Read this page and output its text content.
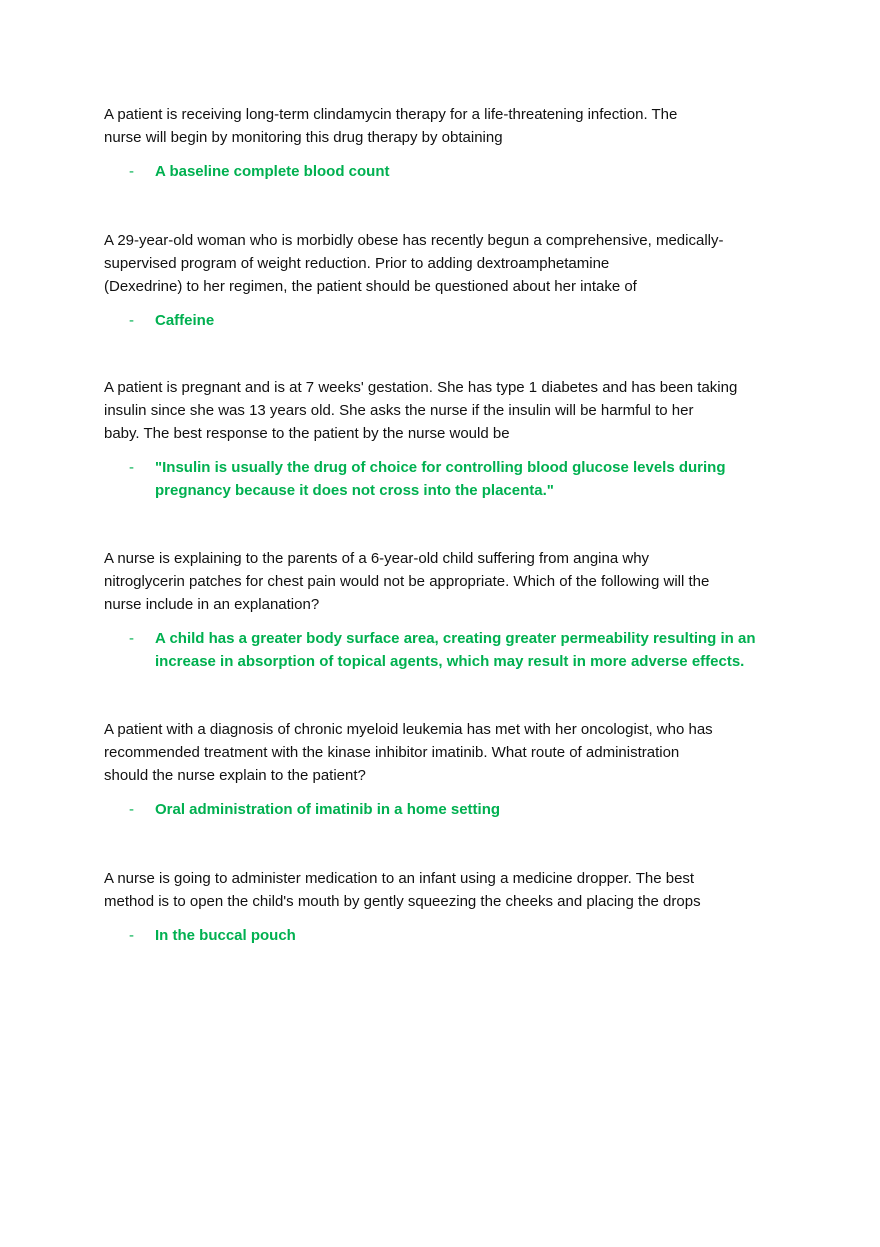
A patient is receiving long-term clindamycin therapy for a life-threatening infection. The
nurse will begin by monitoring this drug therapy by obtaining

- A baseline complete blood count

A 29-year-old woman who is morbidly obese has recently begun a comprehensive, medically-
supervised program of weight reduction. Prior to adding dextroamphetamine
(Dexedrine) to her regimen, the patient should be questioned about her intake of

- Caffeine

A patient is pregnant and is at 7 weeks' gestation. She has type 1 diabetes and has been taking
insulin since she was 13 years old. She asks the nurse if the insulin will be harmful to her
baby. The best response to the patient by the nurse would be

- "Insulin is usually the drug of choice for controlling blood glucose levels during pregnancy because it does not cross into the placenta."

A nurse is explaining to the parents of a 6-year-old child suffering from angina why
nitroglycerin patches for chest pain would not be appropriate. Which of the following will the
nurse include in an explanation?

- A child has a greater body surface area, creating greater permeability resulting in an increase in absorption of topical agents, which may result in more adverse effects.

A patient with a diagnosis of chronic myeloid leukemia has met with her oncologist, who has
recommended treatment with the kinase inhibitor imatinib. What route of administration
should the nurse explain to the patient?

- Oral administration of imatinib in a home setting

A nurse is going to administer medication to an infant using a medicine dropper. The best
method is to open the child's mouth by gently squeezing the cheeks and placing the drops

- In the buccal pouch
